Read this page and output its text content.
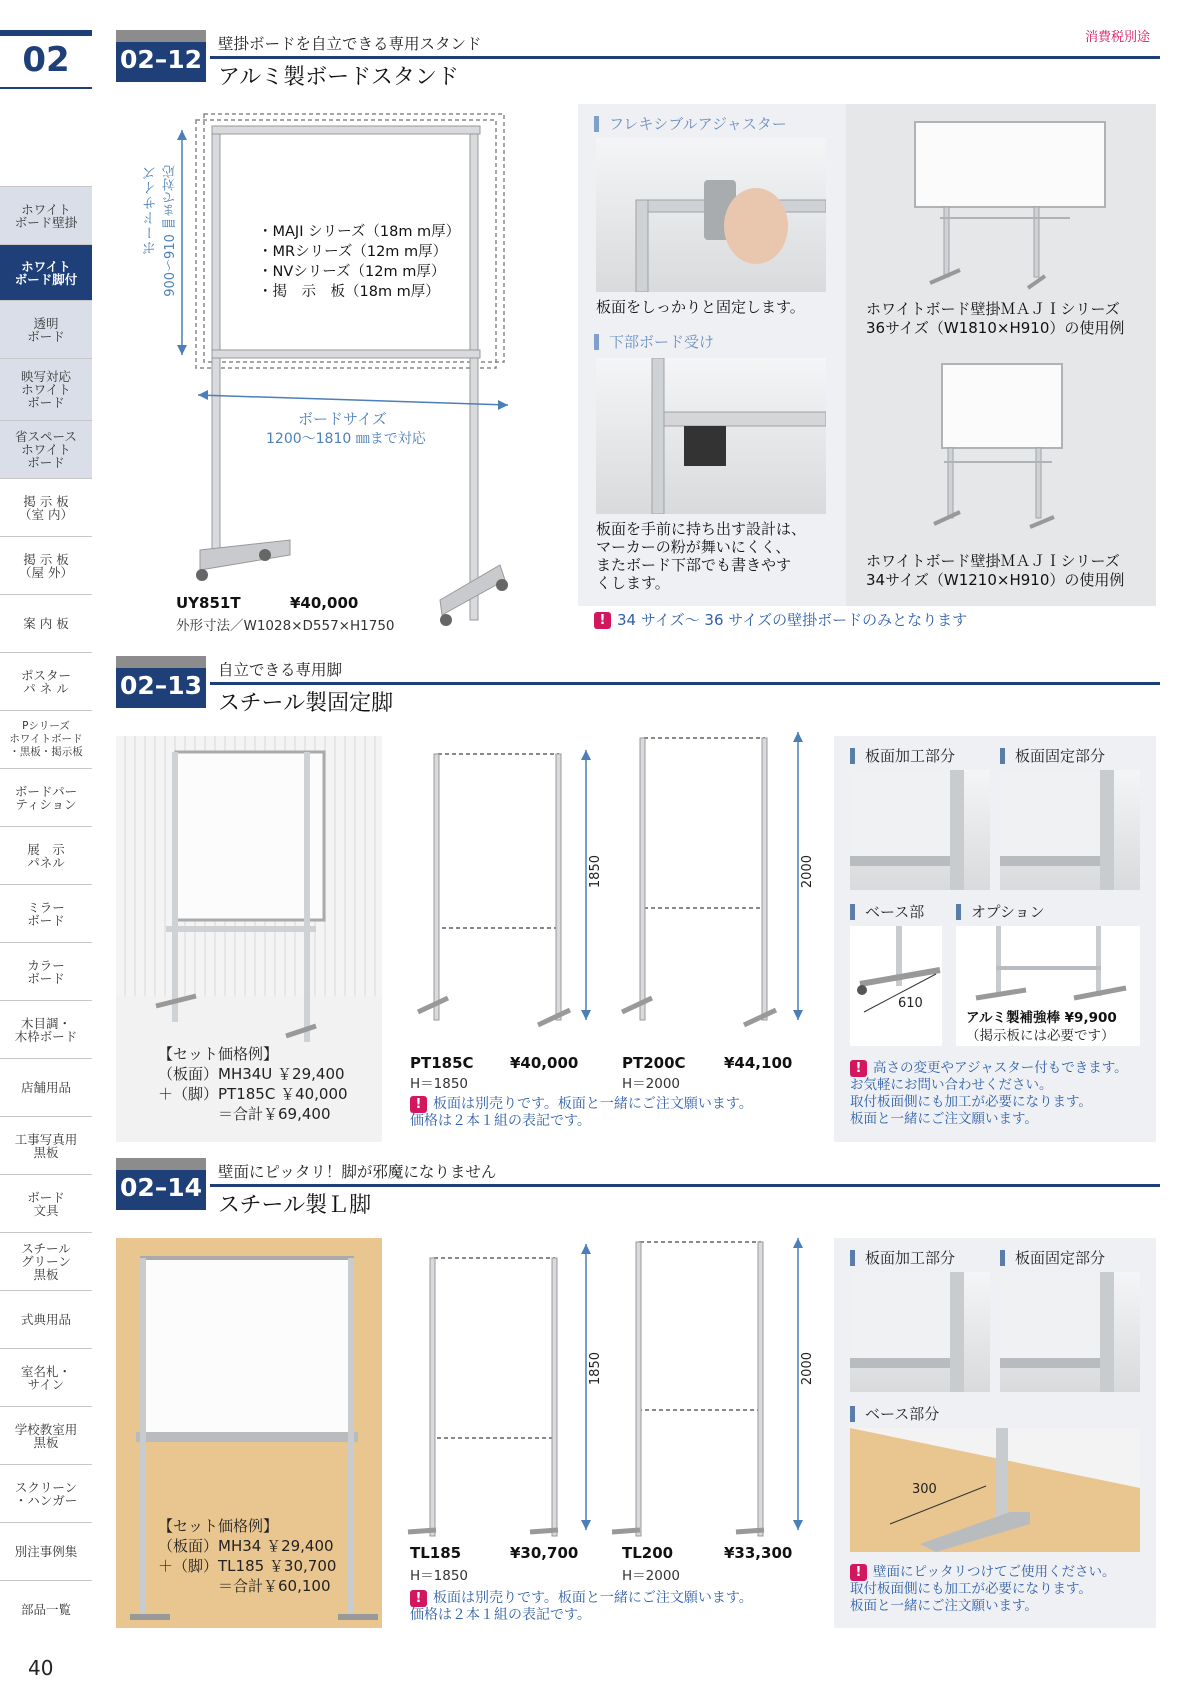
02
ホワイト
ボード壁掛
ホワイト
ボード脚付
透明
ボード
映写対応
ホワイト
ボード
省スペース
ホワイト
ボード
掲 示 板
（室 内）
掲 示 板
（屋 外）
案 内 板
ポスター
パ ネ ル
Pシリーズ
ホワイトボード
・黒板・掲示板
ボードパー
ティション
展　示
パネル
ミラー
ボード
カラー
ボード
木目調・
木枠ボード
店舗用品
工事写真用
黒板
ボード
文具
スチール
グリーン
黒板
式典用品
室名札・
サイン
学校教室用
黒板
スクリーン
・ハンガー
別注事例集
部品一覧
消費税別途
40
02–12
壁掛ボードを自立できる専用スタンド
アルミ製ボードスタンド
ボードサイズ 900〜910 ㎜まで対応
ボードサイズ
1200〜1810 ㎜まで対応
・MAJI シリーズ（18m m厚）
・MRシリーズ（12m m厚）
・NVシリーズ（12m m厚）
・掲　示　板（18m m厚）
UY851T	¥40,000
外形寸法／W1028×D557×H1750
フレキシブルアジャスター
板面をしっかりと固定します。
下部ボード受け
板面を手前に持ち出す設計は、
マーカーの粉が舞いにくく、
またボード下部でも書きやす
くします。
ホワイトボード壁掛ＭＡＪＩシリーズ
36サイズ（W1810×H910）の使用例
ホワイトボード壁掛ＭＡＪＩシリーズ
34サイズ（W1210×H910）の使用例
! 34 サイズ〜 36 サイズの壁掛ボードのみとなります
02–13
自立できる専用脚
スチール製固定脚
【セット価格例】
（板面）MH34U ￥29,400
＋（脚）PT185C ￥40,000
　　　　＝合計￥69,400
1850	2000
PT185C ¥40,000
H＝1850
PT200C	¥44,100
H＝2000
! 板面は別売りです。板面と一緒にご注文願います。
価格は２本１組の表記です。
板面加工部分	板面固定部分
ベース部	オプション
610
アルミ製補強棒 ¥9,900
（掲示板には必要です）
! 高さの変更やアジャスター付もできます。
お気軽にお問い合わせください。
取付板面側にも加工が必要になります。
板面と一緒にご注文願います。
02–14
壁面にピッタリ！脚が邪魔になりません
スチール製Ｌ脚
【セット価格例】
（板面）MH34 ￥29,400
＋（脚）TL185 ￥30,700
　　　　＝合計￥60,100
1850	2000
TL185	¥30,700
H＝1850
TL200	¥33,300
H＝2000
! 板面は別売りです。板面と一緒にご注文願います。
価格は２本１組の表記です。
板面加工部分	板面固定部分
ベース部分
300
! 壁面にピッタリつけてご使用ください。
取付板面側にも加工が必要になります。
板面と一緒にご注文願います。
